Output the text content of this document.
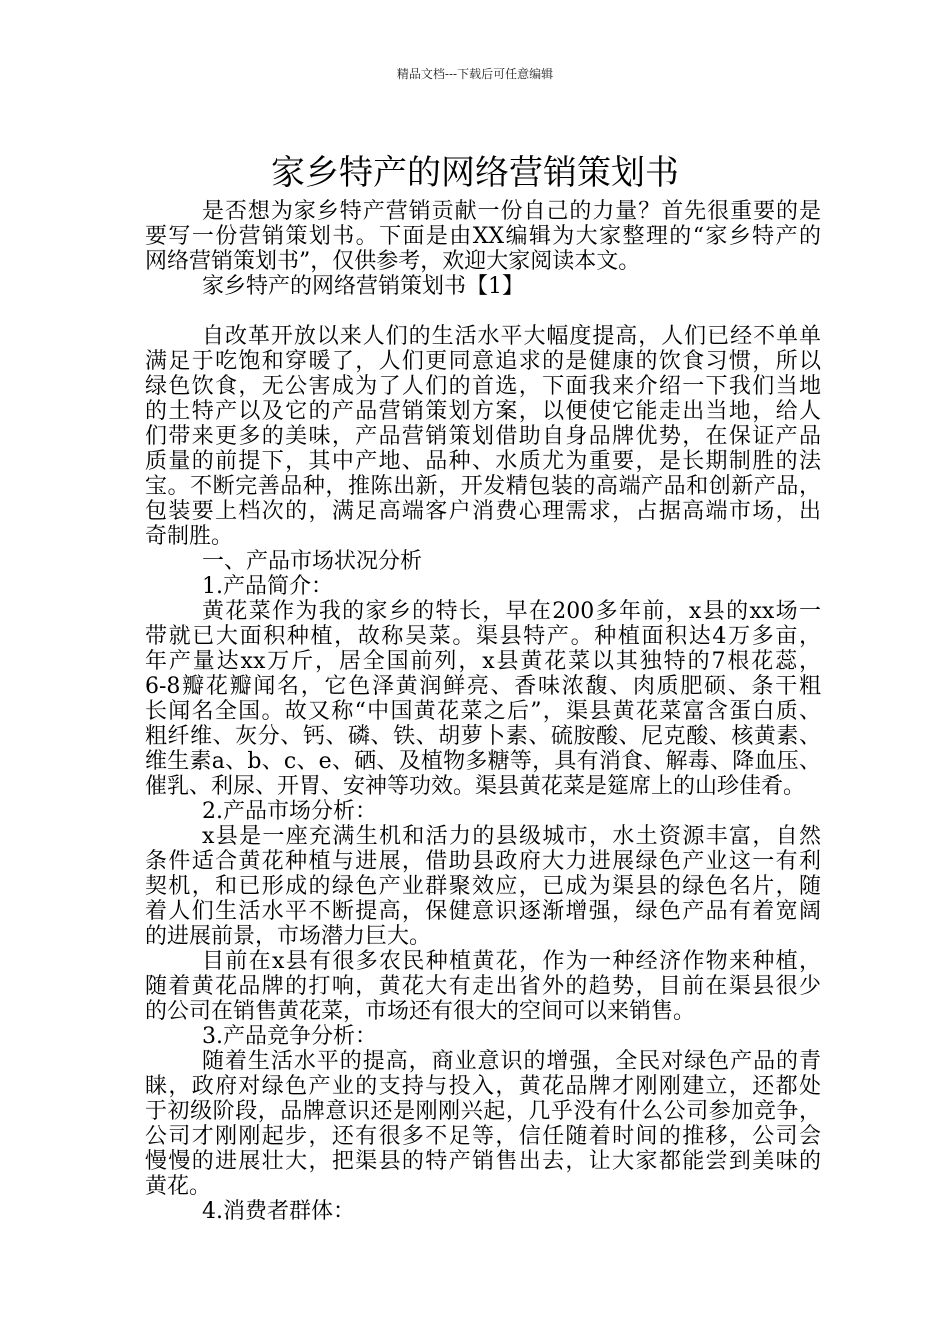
精品文档---下载后可任意编辑
家乡特产的网络营销策划书
是否想为家乡特产营销贡献一份自己的力量？首先很重要的是
要写一份营销策划书。下面是由XX编辑为大家整理的“家乡特产的
网络营销策划书”，仅供参考，欢迎大家阅读本文。
家乡特产的网络营销策划书【1】
自改革开放以来人们的生活水平大幅度提高，人们已经不单单
满足于吃饱和穿暖了，人们更同意追求的是健康的饮食习惯，所以
绿色饮食，无公害成为了人们的首选，下面我来介绍一下我们当地
的土特产以及它的产品营销策划方案，以便使它能走出当地，给人
们带来更多的美味，产品营销策划借助自身品牌优势，在保证产品
质量的前提下，其中产地、品种、水质尤为重要，是长期制胜的法
宝。不断完善品种，推陈出新，开发精包装的高端产品和创新产品，
包装要上档次的，满足高端客户消费心理需求，占据高端市场，出
奇制胜。
一、产品市场状况分析
1.产品简介：
黄花菜作为我的家乡的特长，早在200多年前，x县的xx场一
带就已大面积种植，故称吴菜。渠县特产。种植面积达4万多亩，
年产量达xx万斤，居全国前列，x县黄花菜以其独特的7根花蕊，
6-8瓣花瓣闻名，它色泽黄润鲜亮、香味浓馥、肉质肥硕、条干粗
长闻名全国。故又称“中国黄花菜之后”，渠县黄花菜富含蛋白质、
粗纤维、灰分、钙、磷、铁、胡萝卜素、硫胺酸、尼克酸、核黄素、
维生素a、b、c、e、硒、及植物多糖等，具有消食、解毒、降血压、
催乳、利尿、开胃、安神等功效。渠县黄花菜是筵席上的山珍佳肴。
2.产品市场分析：
x县是一座充满生机和活力的县级城市，水土资源丰富，自然
条件适合黄花种植与进展，借助县政府大力进展绿色产业这一有利
契机，和已形成的绿色产业群聚效应，已成为渠县的绿色名片，随
着人们生活水平不断提高，保健意识逐渐增强，绿色产品有着宽阔
的进展前景，市场潜力巨大。
目前在x县有很多农民种植黄花，作为一种经济作物来种植，
随着黄花品牌的打响，黄花大有走出省外的趋势，目前在渠县很少
的公司在销售黄花菜，市场还有很大的空间可以来销售。
3.产品竞争分析：
随着生活水平的提高，商业意识的增强，全民对绿色产品的青
睐，政府对绿色产业的支持与投入，黄花品牌才刚刚建立，还都处
于初级阶段，品牌意识还是刚刚兴起，几乎没有什么公司参加竞争，
公司才刚刚起步，还有很多不足等，信任随着时间的推移，公司会
慢慢的进展壮大，把渠县的特产销售出去，让大家都能尝到美味的
黄花。
4.消费者群体：
